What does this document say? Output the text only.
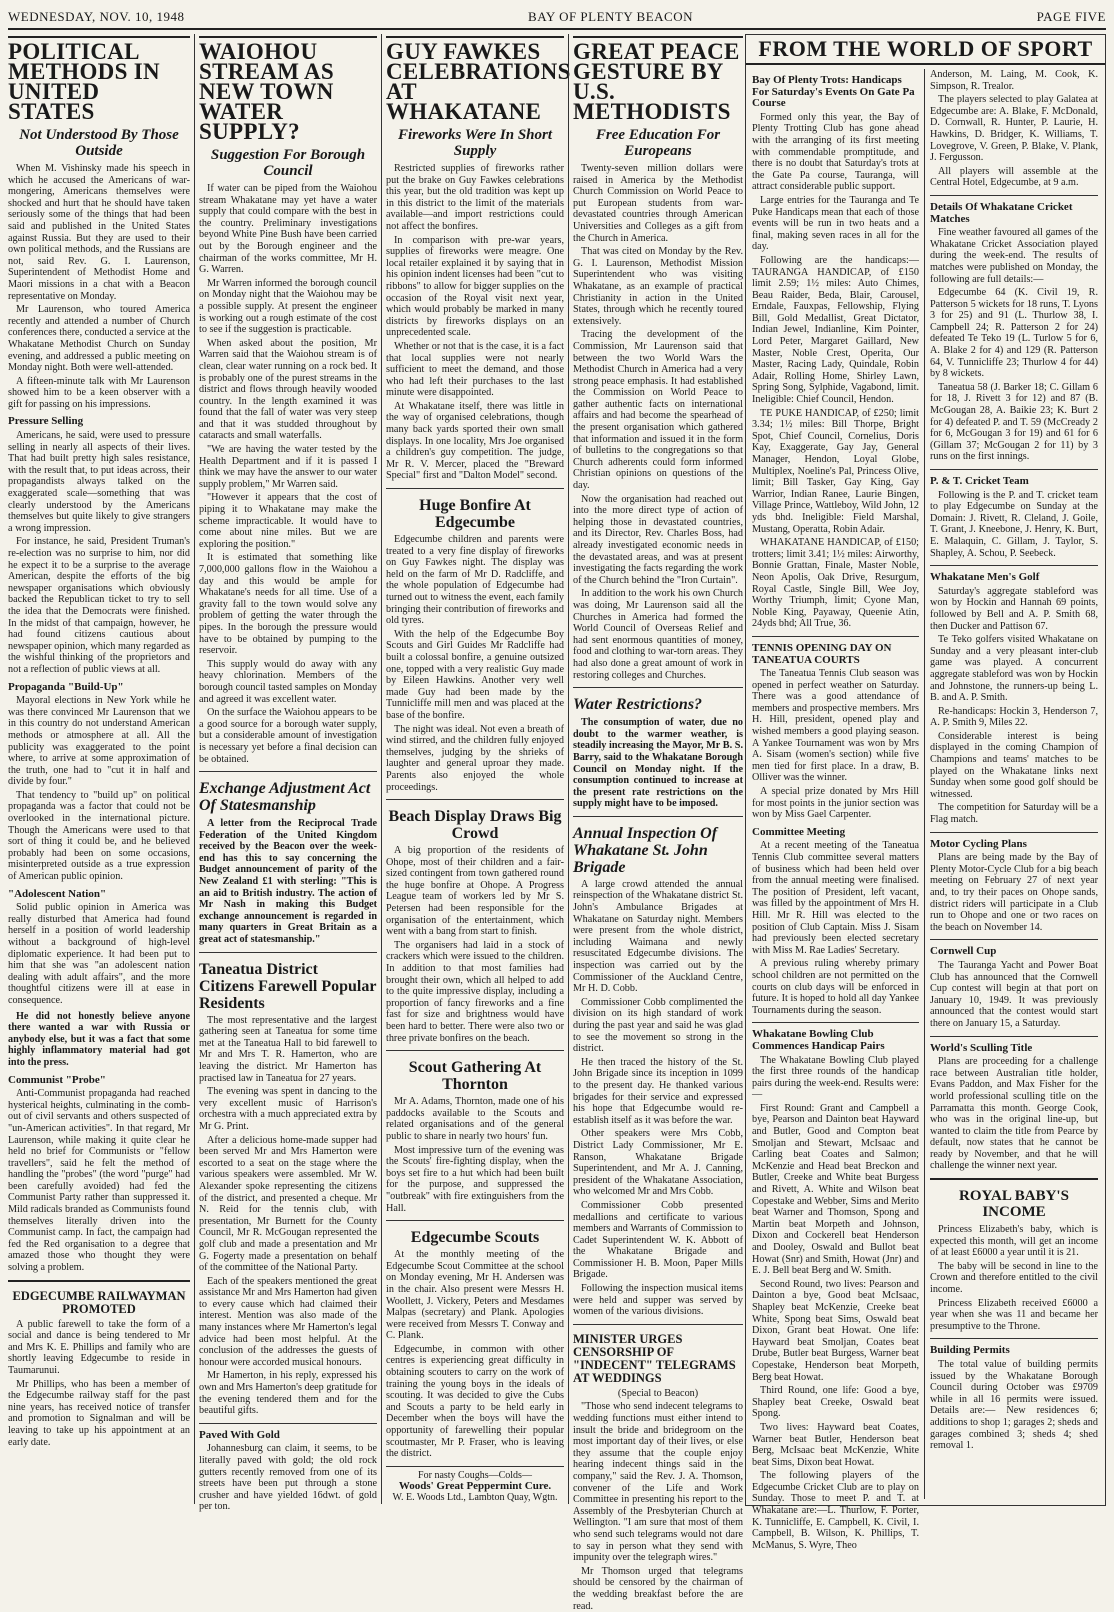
WEDNESDAY, NOV. 10, 1948	BAY OF PLENTY BEACON	PAGE FIVE
POLITICAL METHODS IN UNITED STATES
Not Understood By Those Outside

When M. Vishinsky made his speech in which he accused the Americans of war-mongering, Americans themselves were shocked and hurt that he should have taken seriously some of the things that had been said and published in the United States against Russia. But they are used to their own political methods, and the Russians are not, said Rev. G. I. Laurenson, Superintendent of Methodist Home and Maori missions in a chat with a Beacon representative on Monday.

Mr Laurenson, who toured America recently and attended a number of Church conferences there, conducted a service at the Whakatane Methodist Church on Sunday evening, and addressed a public meeting on Monday night. Both were well-attended.

A fifteen-minute talk with Mr Laurenson showed him to be a keen observer with a gift for passing on his impressions.

Pressure Selling

Americans, he said, were used to pressure selling in nearly all aspects of their lives. That had built pretty high sales resistance, with the result that, to put ideas across, their propagandists always talked on the exaggerated scale—something that was clearly understood by the Americans themselves but quite likely to give strangers a wrong impression.

For instance, he said, President Truman's re-election was no surprise to him, nor did he expect it to be a surprise to the average American, despite the efforts of the big newspaper organisations which obviously backed the Republican ticket to try to sell the idea that the Democrats were finished. In the midst of that campaign, however, he had found citizens cautious about newspaper opinion, which many regarded as the wishful thinking of the proprietors and not a reflection of public views at all.

Propaganda "Build-Up"

Mayoral elections in New York while he was there convinced Mr Laurenson that we in this country do not understand American methods or atmosphere at all. All the publicity was exaggerated to the point where, to arrive at some approximation of the truth, one had to "cut it in half and divide by four."

That tendency to "build up" on political propaganda was a factor that could not be overlooked in the international picture. Though the Americans were used to that sort of thing it could be, and he believed probably had been on some occasions, misinterpreted outside as a true expression of American public opinion.

"Adolescent Nation"

Solid public opinion in America was really disturbed that America had found herself in a position of world leadership without a background of high-level diplomatic experience. It had been put to him that she was "an adolescent nation dealing with adult affairs", and the more thoughtful citizens were ill at ease in consequence.

He did not honestly believe anyone there wanted a war with Russia or anybody else, but it was a fact that some highly inflammatory material had got into the press.

Communist "Probe"

Anti-Communist propaganda had reached hysterical heights, culminating in the comb-out of civil servants and others suspected of "un-American activities". In that regard, Mr Laurenson, while making it quite clear he held no brief for Communists or "fellow travellers", said he felt the method of handling the "probes" (the word "purge" had been carefully avoided) had fed the Communist Party rather than suppressed it. Mild radicals branded as Communists found themselves literally driven into the Communist camp. In fact, the campaign had fed the Red organisation to a degree that amazed those who thought they were solving a problem.

EDGECUMBE RAILWAYMAN PROMOTED

A public farewell to take the form of a social and dance is being tendered to Mr and Mrs K. E. Phillips and family who are shortly leaving Edgecumbe to reside in Taumarunui.

Mr Phillips, who has been a member of the Edgecumbe railway staff for the past nine years, has received notice of transfer and promotion to Signalman and will be leaving to take up his appointment at an early date.

WAIOHOU STREAM AS NEW TOWN WATER SUPPLY?
Suggestion For Borough Council

If water can be piped from the Waiohou stream Whakatane may yet have a water supply that could compare with the best in the country. Preliminary investigations beyond White Pine Bush have been carried out by the Borough engineer and the chairman of the works committee, Mr H. G. Warren.

Mr Warren informed the borough council on Monday night that the Waiohou may be a possible supply. At present the engineer is working out a rough estimate of the cost to see if the suggestion is practicable.

When asked about the position, Mr Warren said that the Waiohou stream is of clean, clear water running on a rock bed. It is probably one of the purest streams in the district and flows through heavily wooded country. In the length examined it was found that the fall of water was very steep and that it was studded throughout by cataracts and small waterfalls.

"We are having the water tested by the Health Department and if it is passed I think we may have the answer to our water supply problem," Mr Warren said.

"However it appears that the cost of piping it to Whakatane may make the scheme impracticable. It would have to come about nine miles. But we are exploring the position."

It is estimated that something like 7,000,000 gallons flow in the Waiohou a day and this would be ample for Whakatane's needs for all time. Use of a gravity fall to the town would solve any problem of getting the water through the pipes. In the borough the pressure would have to be obtained by pumping to the reservoir.

This supply would do away with any heavy chlorination. Members of the borough council tasted samples on Monday and agreed it was excellent water.

On the surface the Waiohou appears to be a good source for a borough water supply, but a considerable amount of investigation is necessary yet before a final decision can be obtained.

Exchange Adjustment Act Of Statesmanship

A letter from the Reciprocal Trade Federation of the United Kingdom received by the Beacon over the week-end has this to say concerning the Budget announcement of parity of the New Zealand £1 with sterling: "This is an aid to British industry. The action of Mr Nash in making this Budget exchange announcement is regarded in many quarters in Great Britain as a great act of statesmanship."

Taneatua District Citizens Farewell Popular Residents

The most representative and the largest gathering seen at Taneatua for some time met at the Taneatua Hall to bid farewell to Mr and Mrs T. R. Hamerton, who are leaving the district. Mr Hamerton has practised law in Taneatua for 27 years.

The evening was spent in dancing to the very excellent music of Harrison's orchestra with a much appreciated extra by Mr G. Print.

After a delicious home-made supper had been served Mr and Mrs Hamerton were escorted to a seat on the stage where the various speakers were assembled. Mr W. Alexander spoke representing the citizens of the district, and presented a cheque. Mr N. Reid for the tennis club, with presentation, Mr Burnett for the County Council, Mr R. McGougan represented the golf club and made a presentation and Mr G. Fogerty made a presentation on behalf of the committee of the National Party.

Each of the speakers mentioned the great assistance Mr and Mrs Hamerton had given to every cause which had claimed their interest. Mention was also made of the many instances where Mr Hamerton's legal advice had been most helpful. At the conclusion of the addresses the guests of honour were accorded musical honours.

Mr Hamerton, in his reply, expressed his own and Mrs Hamerton's deep gratitude for the evening tendered them and for the beautiful gifts.

Paved With Gold

Johannesburg can claim, it seems, to be literally paved with gold; the old rock gutters recently removed from one of its streets have been put through a stone crusher and have yielded 16dwt. of gold per ton.

GUY FAWKES CELEBRATIONS AT WHAKATANE
Fireworks Were In Short Supply

Restricted supplies of fireworks rather put the brake on Guy Fawkes celebrations this year, but the old tradition was kept up in this district to the limit of the materials available—and import restrictions could not affect the bonfires.

In comparison with pre-war years, supplies of fireworks were meagre. One local retailer explained it by saying that in his opinion indent licenses had been "cut to ribbons" to allow for bigger supplies on the occasion of the Royal visit next year, which would probably be marked in many districts by fireworks displays on an unprecedented scale.

Whether or not that is the case, it is a fact that local supplies were not nearly sufficient to meet the demand, and those who had left their purchases to the last minute were disappointed.

At Whakatane itself, there was little in the way of organised celebrations, though many back yards sported their own small displays. In one locality, Mrs Joe organised a children's guy competition. The judge, Mr R. V. Mercer, placed the "Breward Special" first and "Dalton Model" second.

Huge Bonfire At Edgecumbe

Edgecumbe children and parents were treated to a very fine display of fireworks on Guy Fawkes night. The display was held on the farm of Mr D. Radcliffe, and the whole population of Edgecumbe had turned out to witness the event, each family bringing their contribution of fireworks and old tyres.

With the help of the Edgecumbe Boy Scouts and Girl Guides Mr Radcliffe had built a colossal bonfire, a genuine outsized one, topped with a very realistic Guy made by Eileen Hawkins. Another very well made Guy had been made by the Tunnicliffe mill men and was placed at the base of the bonfire.

The night was ideal. Not even a breath of wind stirred, and the children fully enjoyed themselves, judging by the shrieks of laughter and general uproar they made. Parents also enjoyed the whole proceedings.

Beach Display Draws Big Crowd

A big proportion of the residents of Ohope, most of their children and a fair-sized contingent from town gathered round the huge bonfire at Ohope. A Progress League team of workers led by Mr S. Petersen had been responsible for the organisation of the entertainment, which went with a bang from start to finish.

The organisers had laid in a stock of crackers which were issued to the children. In addition to that most families had brought their own, which all helped to add to the quite impressive display, including a proportion of fancy fireworks and a fine fast for size and brightness would have been hard to better. There were also two or three private bonfires on the beach.

Scout Gathering At Thornton

Mr A. Adams, Thornton, made one of his paddocks available to the Scouts and related organisations and of the general public to share in nearly two hours' fun.

Most impressive turn of the evening was the Scouts' fire-fighting display, when the boys set fire to a hut which had been built for the purpose, and suppressed the "outbreak" with fire extinguishers from the Hall.

Edgecumbe Scouts

At the monthly meeting of the Edgecumbe Scout Committee at the school on Monday evening, Mr H. Andersen was in the chair. Also present were Messrs H. Woollett, J. Vickery, Peters and Mesdames Malpas (secretary) and Plank. Apologies were received from Messrs T. Conway and C. Plank.

Edgecumbe, in common with other centres is experiencing great difficulty in obtaining scouters to carry on the work of training the young boys in the ideals of scouting. It was decided to give the Cubs and Scouts a party to be held early in December when the boys will have the opportunity of farewelling their popular scoutmaster, Mr P. Fraser, who is leaving the district.

For nasty Coughs—Colds—
Woods' Great Peppermint Cure.
W. E. Woods Ltd., Lambton Quay, Wgtn.
GREAT PEACE GESTURE BY U.S. METHODISTS
Free Education For Europeans

Twenty-seven million dollars were raised in America by the Methodist Church Commission on World Peace to put European students from war-devastated countries through American Universities and Colleges as a gift from the Church in America.

That was cited on Monday by the Rev. G. I. Laurenson, Methodist Mission Superintendent who was visiting Whakatane, as an example of practical Christianity in action in the United States, through which he recently toured extensively.

Tracing the development of the Commission, Mr Laurenson said that between the two World Wars the Methodist Church in America had a very strong peace emphasis. It had established the Commission on World Peace to gather authentic facts on international affairs and had become the spearhead of the present organisation which gathered that information and issued it in the form of bulletins to the congregations so that Church adherents could form informed Christian opinions on questions of the day.

Now the organisation had reached out into the more direct type of action of helping those in devastated countries, and its Director, Rev. Charles Boss, had already investigated economic needs in the devastated areas, and was at present investigating the facts regarding the work of the Church behind the "Iron Curtain".

In addition to the work his own Church was doing, Mr Laurenson said all the Churches in America had formed the World Council of Overseas Relief and had sent enormous quantities of money, food and clothing to war-torn areas. They had also done a great amount of work in restoring colleges and Churches.

Water Restrictions?

The consumption of water, due no doubt to the warmer weather, is steadily increasing the Mayor, Mr B. S. Barry, said to the Whakatane Borough Council on Monday night. If the consumption continued to increase at the present rate restrictions on the supply might have to be imposed.

Annual Inspection Of Whakatane St. John Brigade

A large crowd attended the annual reinspection of the Whakatane district St. John's Ambulance Brigades at Whakatane on Saturday night. Members were present from the whole district, including Waimana and newly resuscitated Edgecumbe divisions. The inspection was carried out by the Commissioner of the Auckland Centre, Mr H. D. Cobb.

Commissioner Cobb complimented the division on its high standard of work during the past year and said he was glad to see the movement so strong in the district.

He then traced the history of the St. John Brigade since its inception in 1099 to the present day. He thanked various brigades for their service and expressed his hope that Edgecumbe would re-establish itself as it was before the war.

Other speakers were Mrs Cobb, District Lady Commissioner, Mr E. Ranson, Whakatane Brigade Superintendent, and Mr A. J. Canning, president of the Whakatane Association, who welcomed Mr and Mrs Cobb.

Commissioner Cobb presented medallions and certificate to various members and Warrants of Commission to Cadet Superintendent W. K. Abbott of the Whakatane Brigade and Commissioner H. B. Moon, Paper Mills Brigade.

Following the inspection musical items were held and supper was served by women of the various divisions.

MINISTER URGES CENSORSHIP OF "INDECENT" TELEGRAMS AT WEDDINGS

(Special to Beacon)

"Those who send indecent telegrams to wedding functions must either intend to insult the bride and bridegroom on the most important day of their lives, or else they assume that the couple enjoy hearing indecent things said in the company," said the Rev. J. A. Thomson, convener of the Life and Work Committee in presenting his report to the Assembly of the Presbyterian Church at Wellington. "I am sure that most of them who send such telegrams would not dare to say in person what they send with impunity over the telegraph wires."

Mr Thomson urged that telegrams should be censored by the chairman of the wedding breakfast before the are read.

FROM THE WORLD OF SPORT
Bay Of Plenty Trots: Handicaps For Saturday's Events On Gate Pa Course

Formed only this year, the Bay of Plenty Trotting Club has gone ahead with the arranging of its first meeting with commendable promptitude, and there is no doubt that Saturday's trots at the Gate Pa course, Tauranga, will attract considerable public support.

Large entries for the Tauranga and Te Puke Handicaps mean that each of those events will be run in two heats and a final, making seven races in all for the day.

Following are the handicaps:— TAURANGA HANDICAP, of £150 limit 2.59; 1½ miles: Auto Chimes, Beau Raider, Beda, Blair, Carousel, Erndale, Fauxpas, Fellowship, Flying Bill, Gold Medallist, Great Dictator, Indian Jewel, Indianline, Kim Pointer, Lord Peter, Margaret Gaillard, New Master, Noble Crest, Operita, Our Master, Racing Lady, Quindale, Robin Adair, Rolling Home, Shirley Lawn, Spring Song, Sylphide, Vagabond, limit. Ineligible: Chief Council, Hendon.

TE PUKE HANDICAP, of £250; limit 3.34; 1½ miles: Bill Thorpe, Bright Spot, Chief Council, Cornelius, Doris Kay, Exaggerate, Gay Jay, General Manager, Hendon, Loyal Globe, Multiplex, Noeline's Pal, Princess Olive, limit; Bill Tasker, Gay King, Gay Warrior, Indian Ranee, Laurie Bingen, Village Prince, Wattleboy, Wild John, 12 yds bhd. Ineligible: Field Marshal, Mustang, Operatta, Robin Adair.

WHAKATANE HANDICAP, of £150; trotters; limit 3.41; 1½ miles: Airworthy, Bonnie Grattan, Finale, Master Noble, Neon Apolis, Oak Drive, Resurgum, Royal Castle, Single Bill, Wee Joy, Worthy Triumph, limit; Cyone Man, Noble King, Payaway, Queenie Atin, 24yds bhd; All True, 36.

TENNIS OPENING DAY ON TANEATUA COURTS

The Taneatua Tennis Club season was opened in perfect weather on Saturday. There was a good attendance of members and prospective members. Mrs H. Hill, president, opened play and wished members a good playing season. A Yankee Tournament was won by Mrs A. Sisam (women's section) while five men tied for first place. In a draw, B. Olliver was the winner.

A special prize donated by Mrs Hill for most points in the junior section was won by Miss Gael Carpenter.

Committee Meeting

At a recent meeting of the Taneatua Tennis Club committee several matters of business which had been held over from the annual meeting were finalised. The position of President, left vacant, was filled by the appointment of Mrs H. Hill. Mr R. Hill was elected to the position of Club Captain. Miss J. Sisam had previously been elected secretary with Miss M. Rae Ladies' Secretary.

A previous ruling whereby primary school children are not permitted on the courts on club days will be enforced in future. It is hoped to hold all day Yankee Tournaments during the season.

Whakatane Bowling Club Commences Handicap Pairs

The Whakatane Bowling Club played the first three rounds of the handicap pairs during the week-end. Results were:—

First Round: Grant and Campbell a bye, Pearson and Dainton beat Hayward and Butler, Good and Compton beat Smoljan and Stewart, McIsaac and Carling beat Coates and Salmon; McKenzie and Head beat Breckon and Butler, Creeke and White beat Burgess and Rivett, A. White and Wilson beat Copestake and Webber, Sims and Merito beat Warner and Thomson, Spong and Martin beat Morpeth and Johnson, Dixon and Cockerell beat Henderson and Dooley, Oswald and Bullot beat Howat (Snr) and Smith, Howat (Jnr) and E. J. Bell beat Berg and W. Smith.

Second Round, two lives: Pearson and Dainton a bye, Good beat McIsaac, Shapley beat McKenzie, Creeke beat White, Spong beat Sims, Oswald beat Dixon, Grant beat Howat. One life: Hayward beat Smoljan, Coates beat Drube, Butler beat Burgess, Warner beat Copestake, Henderson beat Morpeth, Berg beat Howat.

Third Round, one life: Good a bye, Shapley beat Creeke, Oswald beat Spong.

Two lives: Hayward beat Coates, Warner beat Butler, Henderson beat Berg, McIsaac beat McKenzie, White beat Sims, Dixon beat Howat.

The following players of the Edgecumbe Cricket Club are to play on Sunday. Those to meet P. and T. at Whakatane are:—L. Thurlow, F. Porter, K. Tunnicliffe, E. Campbell, K. Civil, I. Campbell, B. Wilson, K. Phillips, T. McManus, S. Wyre, Theo

Anderson, M. Laing, M. Cook, K. Simpson, R. Trealor.

The players selected to play Galatea at Edgecumbe are: A. Blake, F. McDonald, D. Cornwall, R. Hunter, P. Laurie, H. Hawkins, D. Bridger, K. Williams, T. Lovegrove, V. Green, P. Blake, V. Plank, J. Fergusson.

All players will assemble at the Central Hotel, Edgecumbe, at 9 a.m.

Details Of Whakatane Cricket Matches

Fine weather favoured all games of the Whakatane Cricket Association played during the week-end. The results of matches were published on Monday, the following are full details:—

Edgecumbe 64 (K. Civil 19, R. Patterson 5 wickets for 18 runs, T. Lyons 3 for 25) and 91 (L. Thurlow 38, I. Campbell 24; R. Patterson 2 for 24) defeated Te Teko 19 (L. Turlow 5 for 6, A. Blake 2 for 4) and 129 (R. Patterson 64, V. Tunnicliffe 23; Thurlow 4 for 44) by 8 wickets.

Taneatua 58 (J. Barker 18; C. Gillam 6 for 18, J. Rivett 3 for 12) and 87 (B. McGougan 28, A. Baikie 23; K. Burt 2 for 4) defeated P. and T. 59 (McCready 2 for 6, McGougan 3 for 19) and 61 for 6 (Gillam 37; McGougan 2 for 11) by 3 runs on the first innings.

P. & T. Cricket Team

Following is the P. and T. cricket team to play Edgecumbe on Sunday at the Domain: J. Rivett, R. Cleland, J. Goile, T. Grant, J. Kneebone, J. Henry, K. Burt, E. Malaquin, C. Gillam, J. Taylor, S. Shapley, A. Schou, P. Seebeck.

Whakatane Men's Golf

Saturday's aggregate stableford was won by Hockin and Hannah 69 points, followed by Bell and A. P. Smith 68, then Ducker and Pattison 67.

Te Teko golfers visited Whakatane on Sunday and a very pleasant inter-club game was played. A concurrent aggregate stableford was won by Hockin and Johnstone, the runners-up being L. B. and A. P. Smith.

Re-handicaps: Hockin 3, Henderson 7, A. P. Smith 9, Miles 22.

Considerable interest is being displayed in the coming Champion of Champions and teams' matches to be played on the Whakatane links next Sunday when some good golf should be witnessed.

The competition for Saturday will be a Flag match.

Motor Cycling Plans

Plans are being made by the Bay of Plenty Motor-Cycle Club for a big beach meeting on February 27 of next year and, to try their paces on Ohope sands, district riders will participate in a Club run to Ohope and one or two races on the beach on November 14.

Cornwell Cup

The Tauranga Yacht and Power Boat Club has announced that the Cornwell Cup contest will begin at that port on January 10, 1949. It was previously announced that the contest would start there on January 15, a Saturday.

World's Sculling Title

Plans are proceeding for a challenge race between Australian title holder, Evans Paddon, and Max Fisher for the world professional sculling title on the Parramatta this month. George Cook, who was in the original line-up, but wanted to claim the title from Pearce by default, now states that he cannot be ready by November, and that he will challenge the winner next year.

ROYAL BABY'S INCOME

Princess Elizabeth's baby, which is expected this month, will get an income of at least £6000 a year until it is 21.

The baby will be second in line to the Crown and therefore entitled to the civil income.

Princess Elizabeth received £6000 a year when she was 11 and became her presumptive to the Throne.

Building Permits

The total value of building permits issued by the Whakatane Borough Council during October was £9709 while in all 16 permits were issued. Details are:— New residences 6; additions to shop 1; garages 2; sheds and garages combined 3; sheds 4; shed removal 1.
